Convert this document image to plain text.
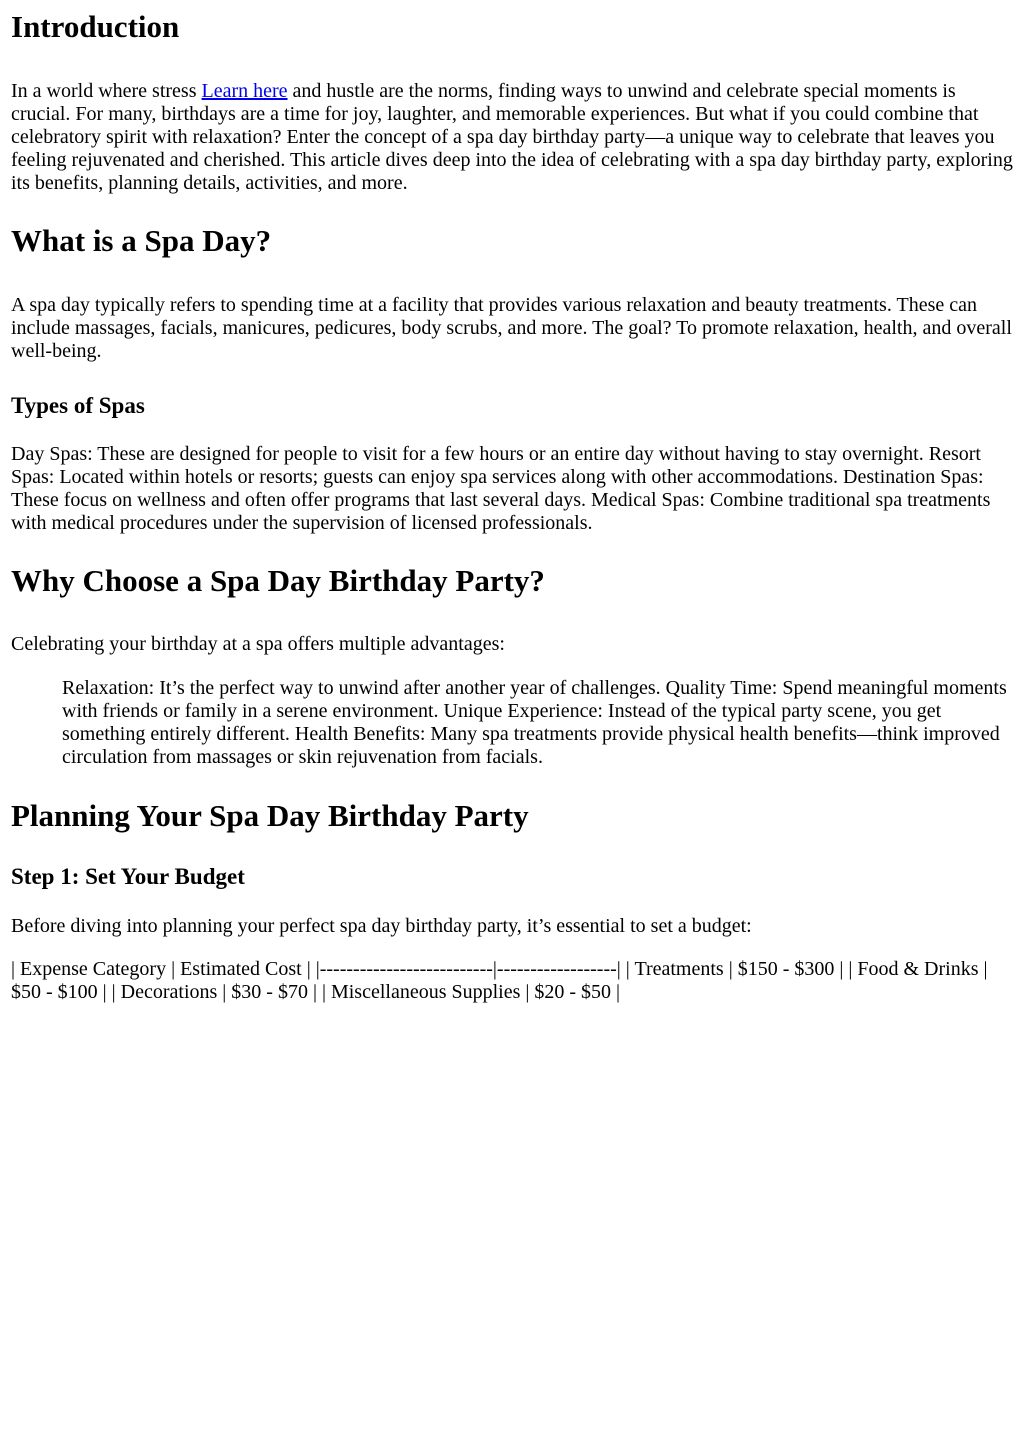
Introduction

In a world where stress Learn here and hustle are the norms, finding ways to unwind and celebrate special moments is crucial. For many, birthdays are a time for joy, laughter, and memorable experiences. But what if you could combine that celebratory spirit with relaxation? Enter the concept of a spa day birthday party—a unique way to celebrate that leaves you feeling rejuvenated and cherished. This article dives deep into the idea of celebrating with a spa day birthday party, exploring its benefits, planning details, activities, and more.

What is a Spa Day?

A spa day typically refers to spending time at a facility that provides various relaxation and beauty treatments. These can include massages, facials, manicures, pedicures, body scrubs, and more. The goal? To promote relaxation, health, and overall well-being.

Types of Spas

Day Spas: These are designed for people to visit for a few hours or an entire day without having to stay overnight. Resort Spas: Located within hotels or resorts; guests can enjoy spa services along with other accommodations. Destination Spas: These focus on wellness and often offer programs that last several days. Medical Spas: Combine traditional spa treatments with medical procedures under the supervision of licensed professionals.

Why Choose a Spa Day Birthday Party?

Celebrating your birthday at a spa offers multiple advantages:

Relaxation: It’s the perfect way to unwind after another year of challenges. Quality Time: Spend meaningful moments with friends or family in a serene environment. Unique Experience: Instead of the typical party scene, you get something entirely different. Health Benefits: Many spa treatments provide physical health benefits—think improved circulation from massages or skin rejuvenation from facials.
Planning Your Spa Day Birthday Party
Step 1: Set Your Budget

Before diving into planning your perfect spa day birthday party, it’s essential to set a budget:

| Expense Category | Estimated Cost | |--------------------------|------------------| | Treatments | $150 - $300 | | Food & Drinks | $50 - $100 | | Decorations | $30 - $70 | | Miscellaneous Supplies | $20 - $50 |
